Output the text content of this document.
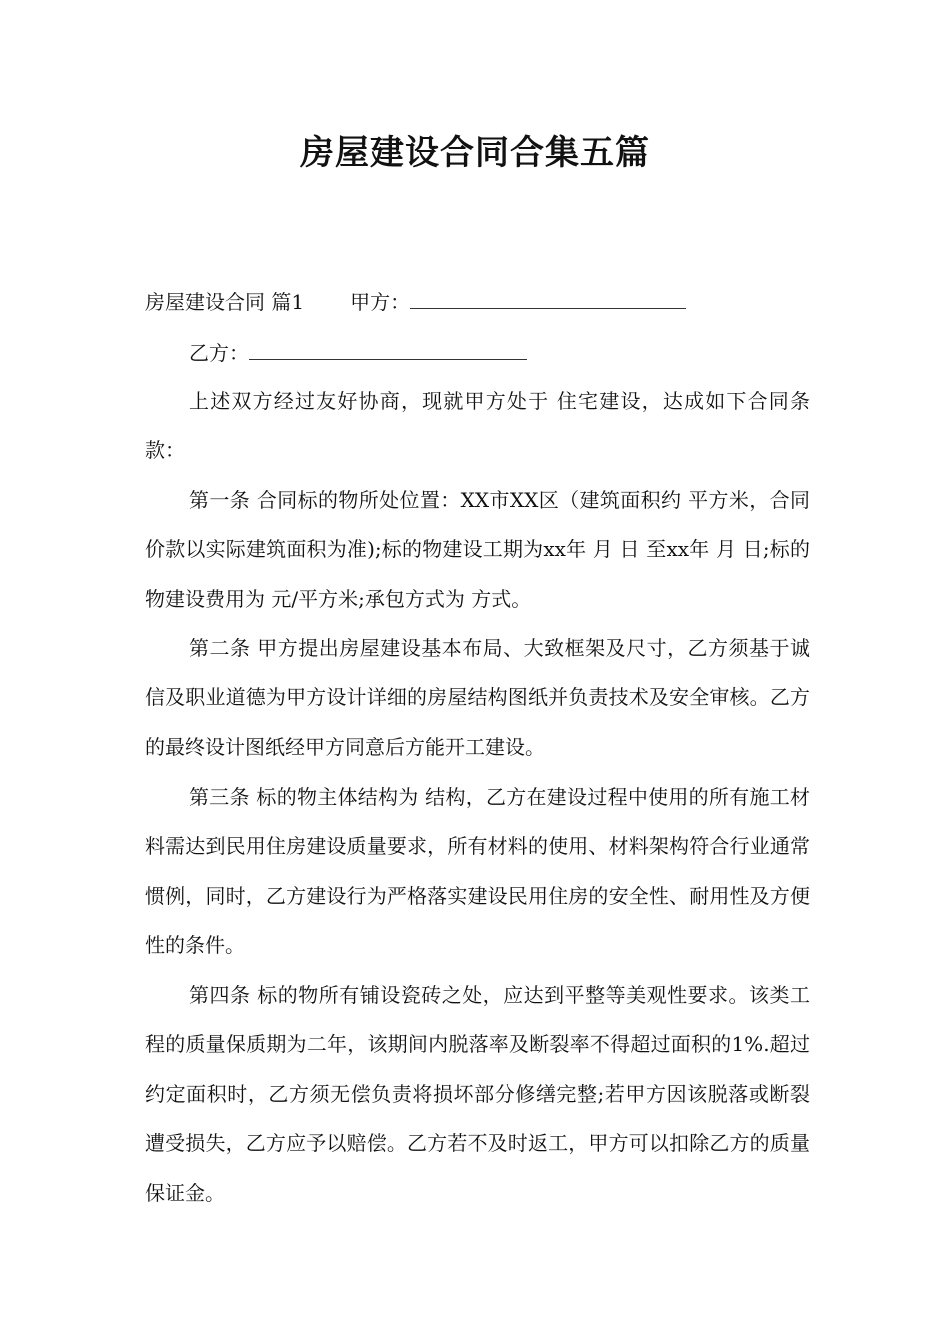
房屋建设合同合集五篇
房屋建设合同 篇1 甲方：
乙方：

上述双方经过友好协商，现就甲方处于 住宅建设，达成如下合同条款：

第一条 合同标的物所处位置：XX市XX区（建筑面积约 平方米，合同价款以实际建筑面积为准);标的物建设工期为xx年 月 日 至xx年 月 日;标的物建设费用为 元/平方米;承包方式为 方式。

第二条 甲方提出房屋建设基本布局、大致框架及尺寸，乙方须基于诚信及职业道德为甲方设计详细的房屋结构图纸并负责技术及安全审核。乙方的最终设计图纸经甲方同意后方能开工建设。

第三条 标的物主体结构为 结构，乙方在建设过程中使用的所有施工材料需达到民用住房建设质量要求，所有材料的使用、材料架构符合行业通常惯例，同时，乙方建设行为严格落实建设民用住房的安全性、耐用性及方便性的条件。

第四条 标的物所有铺设瓷砖之处，应达到平整等美观性要求。该类工程的质量保质期为二年，该期间内脱落率及断裂率不得超过面积的1%.超过约定面积时，乙方须无偿负责将损坏部分修缮完整;若甲方因该脱落或断裂遭受损失，乙方应予以赔偿。乙方若不及时返工，甲方可以扣除乙方的质量保证金。
